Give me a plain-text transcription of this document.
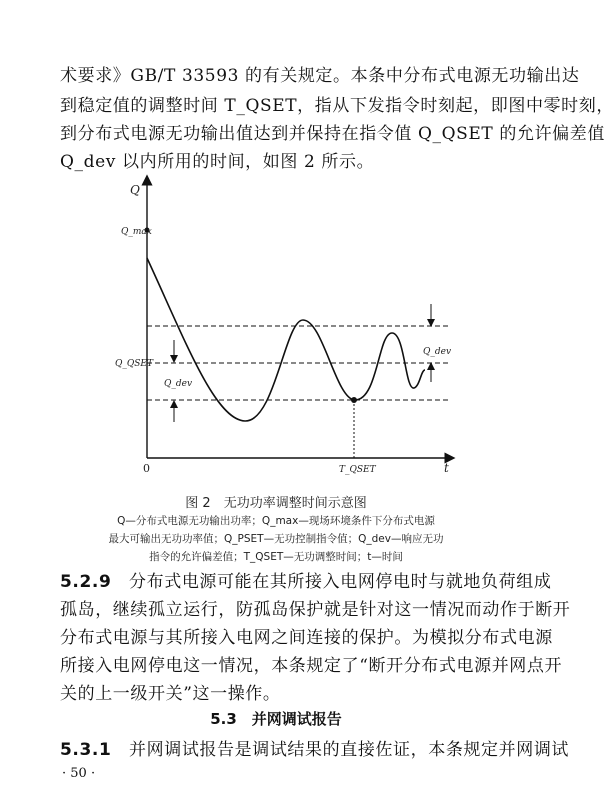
术要求》GB/T 33593 的有关规定。本条中分布式电源无功输出达
到稳定值的调整时间 T_QSET，指从下发指令时刻起，即图中零时刻，
到分布式电源无功输出值达到并保持在指令值 Q_QSET 的允许偏差值
Q_dev 以内所用的时间，如图 2 所示。
Q
t
0
Q_max
Q_QSET
Q_dev
Q_dev
T_QSET
图 2　无功功率调整时间示意图
Q—分布式电源无功输出功率；Q_max—现场环境条件下分布式电源
最大可输出无功功率值；Q_PSET—无功控制指令值；Q_dev—响应无功
指令的允许偏差值；T_QSET—无功调整时间；t—时间
5.2.9　 分布式电源可能在其所接入电网停电时与就地负荷组成
孤岛，继续孤立运行，防孤岛保护就是针对这一情况而动作于断开
分布式电源与其所接入电网之间连接的保护。为模拟分布式电源
所接入电网停电这一情况，本条规定了“断开分布式电源并网点开
关的上一级开关”这一操作。
5.3　并网调试报告
5.3.1　 并网调试报告是调试结果的直接佐证，本条规定并网调试
· 50 ·
